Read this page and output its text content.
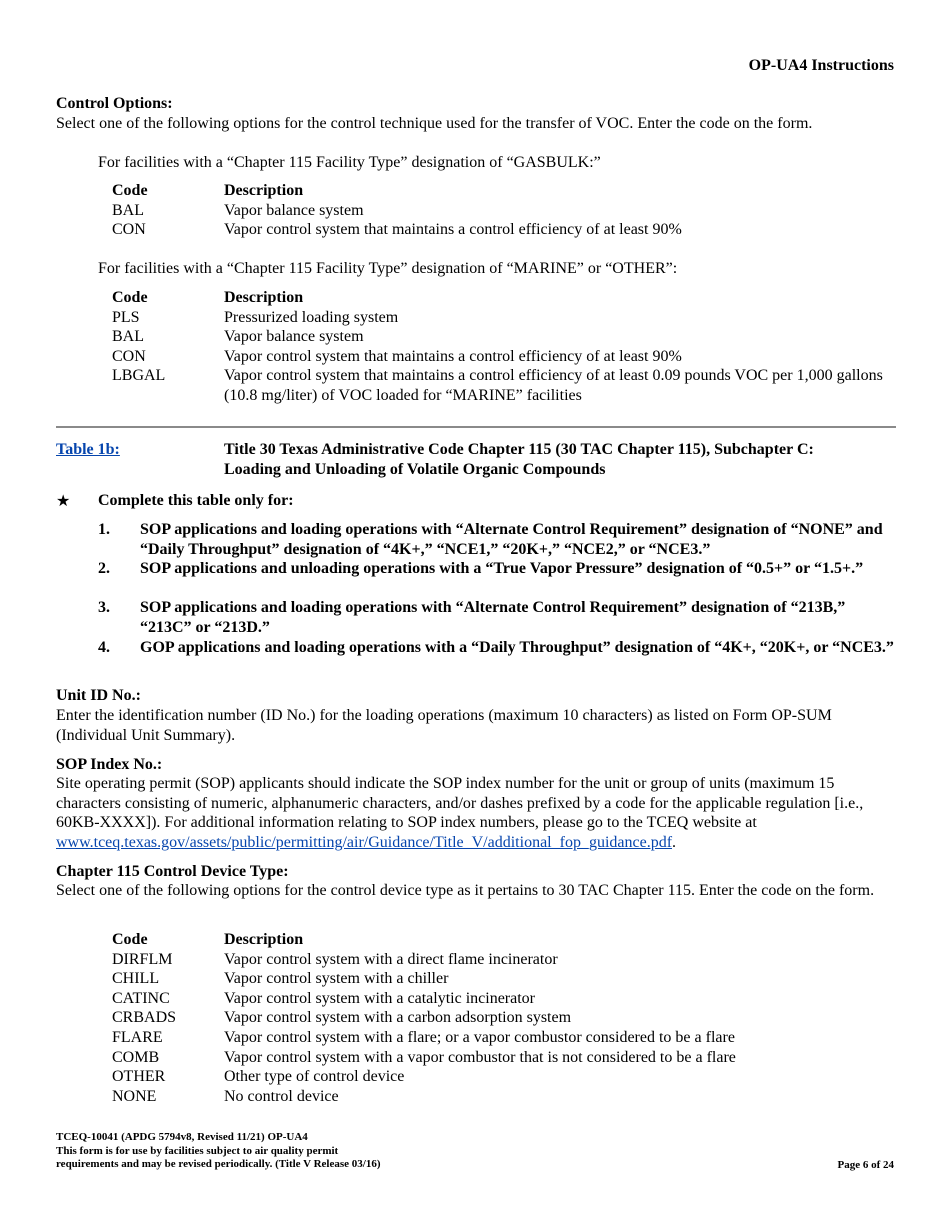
OP-UA4 Instructions
Control Options:
Select one of the following options for the control technique used for the transfer of VOC. Enter the code on the form.
For facilities with a “Chapter 115 Facility Type” designation of “GASBULK:”
Code	Description
BAL	Vapor balance system
CON	Vapor control system that maintains a control efficiency of at least 90%
For facilities with a “Chapter 115 Facility Type” designation of “MARINE” or “OTHER”:
Code	Description
PLS	Pressurized loading system
BAL	Vapor balance system
CON	Vapor control system that maintains a control efficiency of at least 90%
LBGAL	Vapor control system that maintains a control efficiency of at least 0.09 pounds VOC per 1,000 gallons (10.8 mg/liter) of VOC loaded for “MARINE” facilities
Table 1b:	Title 30 Texas Administrative Code Chapter 115 (30 TAC Chapter 115), Subchapter C:
Loading and Unloading of Volatile Organic Compounds
★ Complete this table only for:
1.	SOP applications and loading operations with “Alternate Control Requirement” designation of “NONE” and “Daily Throughput” designation of “4K+,” “NCE1,” “20K+,” “NCE2,” or “NCE3.”
2.	SOP applications and unloading operations with a “True Vapor Pressure” designation of “0.5+” or “1.5+.”
3.	SOP applications and loading operations with “Alternate Control Requirement” designation of “213B,” “213C” or “213D.”
4.	GOP applications and loading operations with a “Daily Throughput” designation of “4K+, “20K+, or “NCE3.”
Unit ID No.:
Enter the identification number (ID No.) for the loading operations (maximum 10 characters) as listed on Form OP-SUM (Individual Unit Summary).
SOP Index No.:
Site operating permit (SOP) applicants should indicate the SOP index number for the unit or group of units (maximum 15 characters consisting of numeric, alphanumeric characters, and/or dashes prefixed by a code for the applicable regulation [i.e., 60KB-XXXX]). For additional information relating to SOP index numbers, please go to the TCEQ website at www.tceq.texas.gov/assets/public/permitting/air/Guidance/Title_V/additional_fop_guidance.pdf.
Chapter 115 Control Device Type:
Select one of the following options for the control device type as it pertains to 30 TAC Chapter 115. Enter the code on the form.
Code	Description
DIRFLM	Vapor control system with a direct flame incinerator
CHILL	Vapor control system with a chiller
CATINC	Vapor control system with a catalytic incinerator
CRBADS	Vapor control system with a carbon adsorption system
FLARE	Vapor control system with a flare; or a vapor combustor considered to be a flare
COMB	Vapor control system with a vapor combustor that is not considered to be a flare
OTHER	Other type of control device
NONE	No control device
TCEQ-10041 (APDG 5794v8, Revised 11/21) OP-UA4
This form is for use by facilities subject to air quality permit
requirements and may be revised periodically. (Title V Release 03/16)	Page 6 of 24
